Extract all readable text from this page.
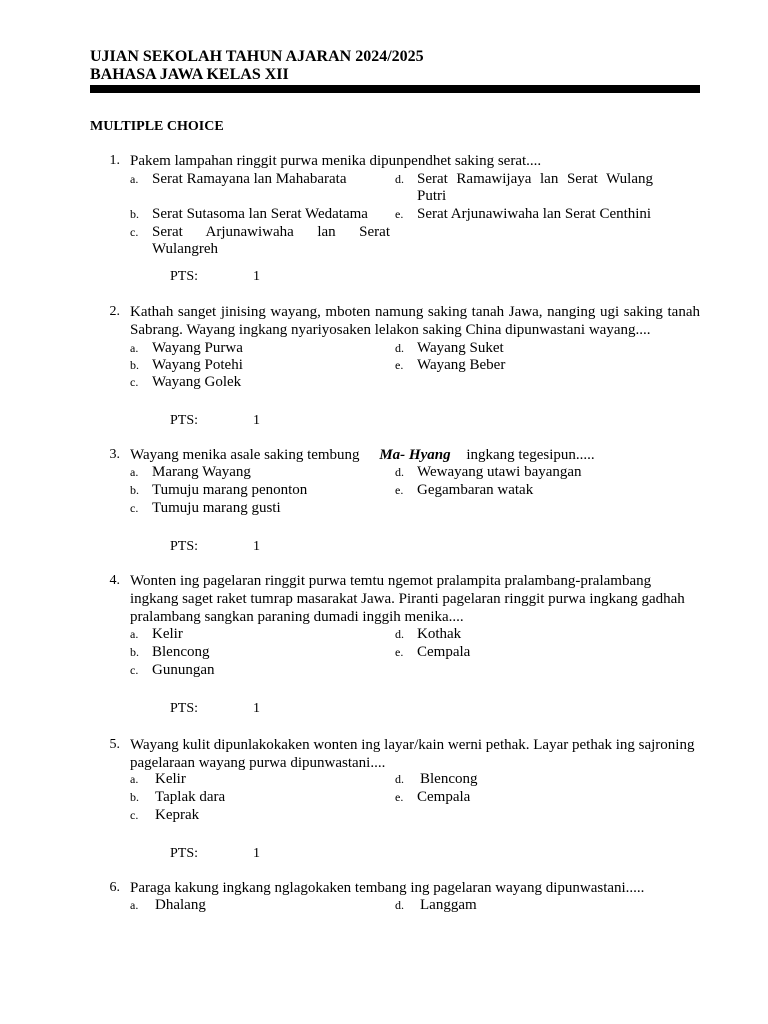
UJIAN SEKOLAH TAHUN AJARAN 2024/2025
BAHASA JAWA KELAS XII
MULTIPLE CHOICE
1. Pakem lampahan ringgit purwa menika dipunpendhet saking serat....
a. Serat Ramayana lan Mahabarata
b. Serat Sutasoma lan Serat Wedatama
c. Serat Arjunawiwaha lan Serat
Wulangreh
d. Serat Ramawijaya lan Serat Wulang
Putri
e. Serat Arjunawiwaha lan Serat Centhini
PTS:	1
2. Kathah sanget jinising wayang, mboten namung saking tanah Jawa, nanging ugi saking tanah
Sabrang. Wayang ingkang nyariyosaken lelakon saking China dipunwastani wayang....
a. Wayang Purwa
b. Wayang Potehi
c. Wayang Golek
d. Wayang Suket
e. Wayang Beber
PTS:	1
3. Wayang menika asale saking tembung Ma- Hyang ingkang tegesipun.....
a. Marang Wayang
b. Tumuju marang penonton
c. Tumuju marang gusti
d. Wewayang utawi bayangan
e. Gegambaran watak
PTS:	1
4. Wonten ing pagelaran ringgit purwa temtu ngemot pralampita pralambang-pralambang
ingkang saget raket tumrap masarakat Jawa. Piranti pagelaran ringgit purwa ingkang gadhah
pralambang sangkan paraning dumadi inggih menika....
a. Kelir
b. Blencong
c. Gunungan
d. Kothak
e. Cempala
PTS:	1
5. Wayang kulit dipunlakokaken wonten ing layar/kain werni pethak. Layar pethak ing sajroning
pagelaraan wayang purwa dipunwastani....
a. Kelir
b. Taplak dara
c. Keprak
d. Blencong
e. Cempala
PTS:	1
6. Paraga kakung ingkang nglagokaken tembang ing pagelaran wayang dipunwastani.....
a. Dhalang	d. Langgam
